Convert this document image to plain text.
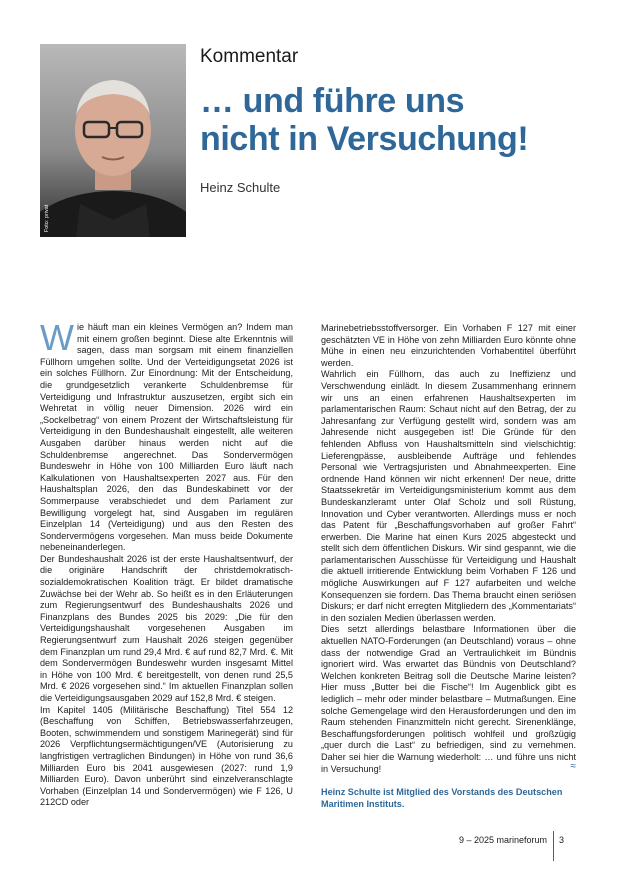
Foto: privat
Kommentar
… und führe uns
nicht in Versuchung!
Heinz Schulte

Wie häuft man ein kleines Vermögen an? Indem man mit einem großen beginnt. Diese alte Erkenntnis will sagen, dass man sorgsam mit einem finanziellen Füllhorn umgehen sollte. Und der Verteidigungsetat 2026 ist ein solches Füllhorn. Zur Einordnung: Mit der Entscheidung, die grundgesetzlich verankerte Schuldenbremse für Verteidigung und Infrastruktur auszusetzen, ergibt sich ein Wehretat in völlig neuer Dimension. 2026 wird ein „Sockelbetrag“ von einem Prozent der Wirtschaftsleistung für Verteidigung in den Bundeshaushalt eingestellt, alle weiteren Ausgaben darüber hinaus werden nicht auf die Schuldenbremse angerechnet. Das Sondervermögen Bundeswehr in Höhe von 100 Milliarden Euro läuft nach Kalkulationen von Haushaltsexperten 2027 aus. Für den Haushaltsplan 2026, den das Bundeskabinett vor der Sommerpause verabschiedet und dem Parlament zur Bewilligung vorgelegt hat, sind Ausgaben im regulären Einzelplan 14 (Verteidigung) und aus den Resten des Sondervermögens vorgesehen. Man muss beide Dokumente nebeneinanderlegen.

Der Bundeshaushalt 2026 ist der erste Haushaltsentwurf, der die originäre Handschrift der christdemokratisch-sozialdemokratischen Koalition trägt. Er bildet dramatische Zuwächse bei der Wehr ab. So heißt es in den Erläuterungen zum Regierungsentwurf des Bundeshaushalts 2026 und Finanzplans des Bundes 2025 bis 2029: „Die für den Verteidigungshaushalt vorgesehenen Ausgaben im Regierungsentwurf zum Haushalt 2026 steigen gegenüber dem Finanzplan um rund 29,4 Mrd. € auf rund 82,7 Mrd. €. Mit dem Sondervermögen Bundeswehr wurden insgesamt Mittel in Höhe von 100 Mrd. € bereitgestellt, von denen rund 25,5 Mrd. € 2026 vorgesehen sind.“ Im aktuellen Finanzplan sollen die Verteidigungsausgaben 2029 auf 152,8 Mrd. € steigen.

Im Kapitel 1405 (Militärische Beschaffung) Titel 554 12 (Beschaffung von Schiffen, Betriebswasserfahrzeugen, Booten, schwimmendem und sonstigem Marinegerät) sind für 2026 Verpflichtungsermächtigungen/VE (Autorisierung zu langfristigen vertraglichen Bindungen) in Höhe von rund 36,6 Milliarden Euro bis 2041 ausgewiesen (2027: rund 1,9 Milliarden Euro). Davon unberührt sind einzelveranschlagte Vorhaben (Einzelplan 14 und Sondervermögen) wie F 126, U 212CD oder

Marinebetriebsstoffversorger. Ein Vorhaben F 127 mit einer geschätzten VE in Höhe von zehn Milliarden Euro könnte ohne Mühe in einen neu einzurichtenden Vorhabentitel überführt werden.

Wahrlich ein Füllhorn, das auch zu Ineffizienz und Verschwendung einlädt. In diesem Zusammenhang erinnern wir uns an einen erfahrenen Haushaltsexperten im parlamentarischen Raum: Schaut nicht auf den Betrag, der zu Jahresanfang zur Verfügung gestellt wird, sondern was am Jahresende nicht ausgegeben ist! Die Gründe für den fehlenden Abfluss von Haushaltsmitteln sind vielschichtig: Lieferengpässe, ausbleibende Aufträge und fehlendes Personal wie Vertragsjuristen und Abnahmeexperten. Eine ordnende Hand können wir nicht erkennen! Der neue, dritte Staatssekretär im Verteidigungsministerium kommt aus dem Bundeskanzleramt unter Olaf Scholz und soll Rüstung, Innovation und Cyber verantworten. Allerdings muss er noch das Patent für „Beschaffungsvorhaben auf großer Fahrt“ erwerben. Die Marine hat einen Kurs 2025 abgesteckt und stellt sich dem öffentlichen Diskurs. Wir sind gespannt, wie die parlamentarischen Ausschüsse für Verteidigung und Haushalt die aktuell irritierende Entwicklung beim Vorhaben F 126 und mögliche Auswirkungen auf F 127 aufarbeiten und welche Konsequenzen sie fordern. Das Thema braucht einen seriösen Diskurs; er darf nicht erregten Mitgliedern des „Kommentariats“ in den sozialen Medien überlassen werden.

Dies setzt allerdings belastbare Informationen über die aktuellen NATO-Forderungen (an Deutschland) voraus – ohne dass der notwendige Grad an Vertraulichkeit im Bündnis ignoriert wird. Was erwartet das Bündnis von Deutschland? Welchen konkreten Beitrag soll die Deutsche Marine leisten? Hier muss „Butter bei die Fische“! Im Augenblick gibt es lediglich – mehr oder minder belastbare – Mutmaßungen. Eine solche Gemengelage wird den Herausforderungen und den im Raum stehenden Finanzmitteln nicht gerecht. Sirenenklänge, Beschaffungsforderungen politisch wohlfeil und großzügig „quer durch die Last“ zu befriedigen, sind zu vernehmen. Daher sei hier die Warnung wiederholt: … und führe uns nicht in Versuchung!	≈

Heinz Schulte ist Mitglied des Vorstands des Deutschen Maritimen Instituts.

9 – 2025 marineforum 3
